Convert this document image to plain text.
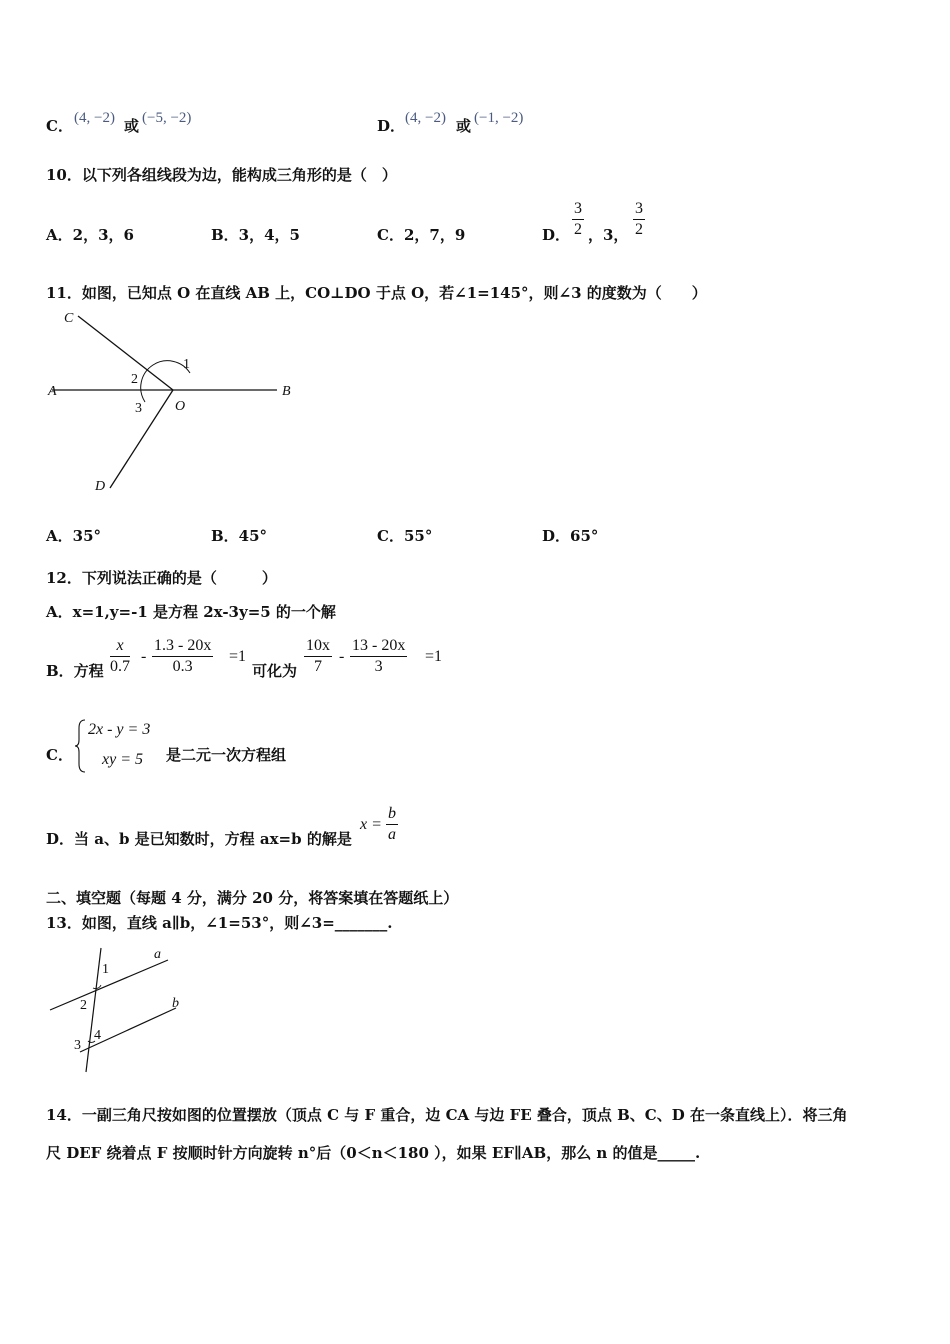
C． (4, −2) 或 (−5, −2)	D． (4, −2) 或 (−1, −2)
10．以下列各组线段为边，能构成三角形的是（　）
A．2，3，6	B．3，4，5	C．2，7，9	D． $\frac{3}{2}$ ，3， $\frac{3}{2}$
11．如图，已知点 O 在直线 AB 上，CO⊥DO 于点 O，若∠1=145°，则∠3 的度数为（　　）
C
A	B
D
O
1
2
3
A．35°	B．45°	C．55°	D．65°
12．下列说法正确的是（　　　）
A．x=1,y=-1 是方程 2x-3y=5 的一个解
B．方程 $\frac{x}{0.7} - \frac{1.3 - 20x}{0.3} =1$
可化为 $\frac{10x}{7} - \frac{13 - 20x}{3} =1$
C．
2x - y = 3
xy = 5 是二元一次方程组
D．当 a、b 是已知数时，方程 ax=b 的解是
$x = \frac{b}{a}$
二、填空题（每题 4 分，满分 20 分，将答案填在答题纸上）
13．如图，直线 a∥b，∠1=53°，则∠3=_______.
a
b
1
2
3
4
14．一副三角尺按如图的位置摆放（顶点 C 与 F 重合，边 CA 与边 FE 叠合，顶点 B、C、D 在一条直线上）．将三角
尺 DEF 绕着点 F 按顺时针方向旋转 n°后（0＜n＜180 ），如果 EF∥AB，那么 n 的值是_____.
